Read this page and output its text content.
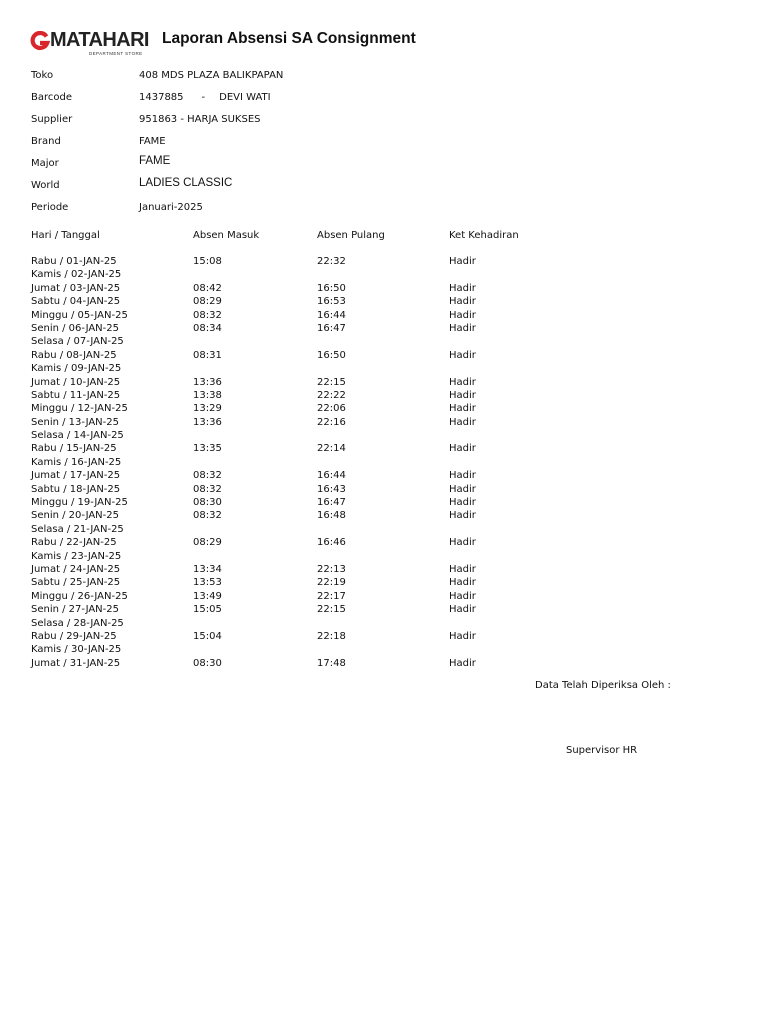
MATAHARI
DEPARTMENT STORE
Laporan Absensi SA Consignment
Toko	408 MDS PLAZA BALIKPAPAN
Barcode	1437885 - DEVI WATI
Supplier	951863 - HARJA SUKSES
Brand	FAME
Major	FAME
World	LADIES CLASSIC
Periode	Januari-2025
Hari / Tanggal	Absen Masuk	Absen Pulang	Ket Kehadiran
Rabu / 01-JAN-25	15:08	22:32	Hadir
Kamis / 02-JAN-25
Jumat / 03-JAN-25	08:42	16:50	Hadir
Sabtu / 04-JAN-25	08:29	16:53	Hadir
Minggu / 05-JAN-25	08:32	16:44	Hadir
Senin / 06-JAN-25	08:34	16:47	Hadir
Selasa / 07-JAN-25
Rabu / 08-JAN-25	08:31	16:50	Hadir
Kamis / 09-JAN-25
Jumat / 10-JAN-25	13:36	22:15	Hadir
Sabtu / 11-JAN-25	13:38	22:22	Hadir
Minggu / 12-JAN-25	13:29	22:06	Hadir
Senin / 13-JAN-25	13:36	22:16	Hadir
Selasa / 14-JAN-25
Rabu / 15-JAN-25	13:35	22:14	Hadir
Kamis / 16-JAN-25
Jumat / 17-JAN-25	08:32	16:44	Hadir
Sabtu / 18-JAN-25	08:32	16:43	Hadir
Minggu / 19-JAN-25	08:30	16:47	Hadir
Senin / 20-JAN-25	08:32	16:48	Hadir
Selasa / 21-JAN-25
Rabu / 22-JAN-25	08:29	16:46	Hadir
Kamis / 23-JAN-25
Jumat / 24-JAN-25	13:34	22:13	Hadir
Sabtu / 25-JAN-25	13:53	22:19	Hadir
Minggu / 26-JAN-25	13:49	22:17	Hadir
Senin / 27-JAN-25	15:05	22:15	Hadir
Selasa / 28-JAN-25
Rabu / 29-JAN-25	15:04	22:18	Hadir
Kamis / 30-JAN-25
Jumat / 31-JAN-25	08:30	17:48	Hadir
Data Telah Diperiksa Oleh :
Supervisor HR
